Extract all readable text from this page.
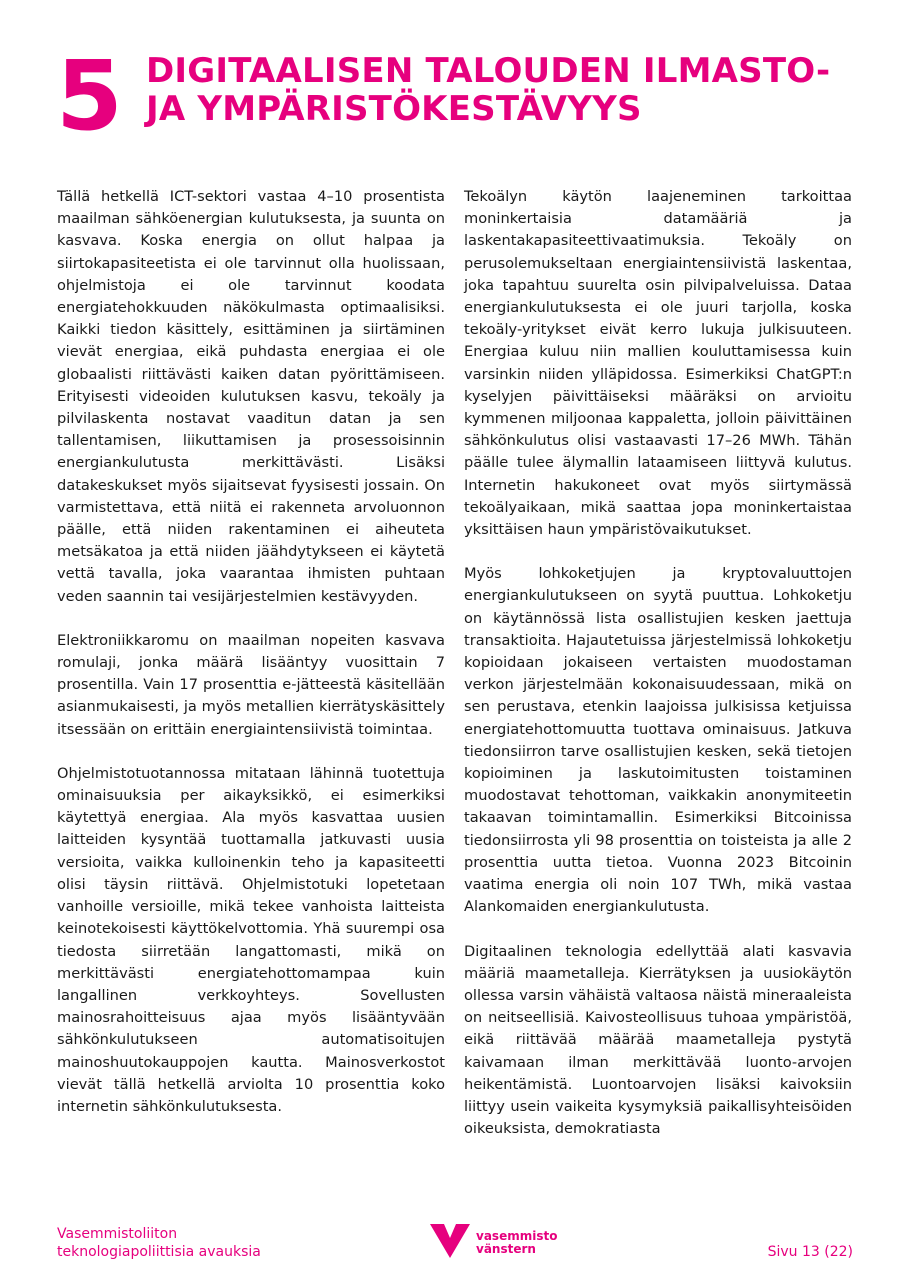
5 DIGITAALISEN TALOUDEN ILMASTO-
JA YMPÄRISTÖKESTÄVYYS

Tällä hetkellä ICT-sektori vastaa 4–10 prosentista maailman sähköenergian kulutuksesta, ja suunta on kasvava. Koska energia on ollut halpaa ja siirtokapasiteetista ei ole tarvinnut olla huolissaan, ohjelmistoja ei ole tarvinnut koodata energiatehokkuuden näkökulmasta optimaalisiksi. Kaikki tiedon käsittely, esittäminen ja siirtäminen vievät energiaa, eikä puhdasta energiaa ei ole globaalisti riittävästi kaiken datan pyörittämiseen. Erityisesti videoiden kulutuksen kasvu, tekoäly ja pilvilaskenta nostavat vaaditun datan ja sen tallentamisen, liikuttamisen ja prosessoisinnin energiankulutusta merkittävästi. Lisäksi datakeskukset myös sijaitsevat fyysisesti jossain. On varmistettava, että niitä ei rakenneta arvoluonnon päälle, että niiden rakentaminen ei aiheuteta metsäkatoa ja että niiden jäähdytykseen ei käytetä vettä tavalla, joka vaarantaa ihmisten puhtaan veden saannin tai vesijärjestelmien kestävyyden.

Elektroniikkaromu on maailman nopeiten kasvava romulaji, jonka määrä lisääntyy vuosittain 7 prosentilla. Vain 17 prosenttia e-jätteestä käsitellään asianmukaisesti, ja myös metallien kierrätyskäsittely itsessään on erittäin energiaintensiivistä toimintaa.

Ohjelmistotuotannossa mitataan lähinnä tuotettuja ominaisuuksia per aikayksikkö, ei esimerkiksi käytettyä energiaa. Ala myös kasvattaa uusien laitteiden kysyntää tuottamalla jatkuvasti uusia versioita, vaikka kulloinenkin teho ja kapasiteetti olisi täysin riittävä. Ohjelmistotuki lopetetaan vanhoille versioille, mikä tekee vanhoista laitteista keinotekoisesti käyttökelvottomia. Yhä suurempi osa tiedosta siirretään langattomasti, mikä on merkittävästi energiatehottomampaa kuin langallinen verkkoyhteys. Sovellusten mainosrahoitteisuus ajaa myös lisääntyvään sähkönkulutukseen automatisoitujen mainoshuutokauppojen kautta. Mainosverkostot vievät tällä hetkellä arviolta 10 prosenttia koko internetin sähkönkulutuksesta.

Tekoälyn käytön laajeneminen tarkoittaa moninkertaisia datamääriä ja laskentakapasiteettivaatimuksia. Tekoäly on perusolemukseltaan energiaintensiivistä laskentaa, joka tapahtuu suurelta osin pilvipalveluissa. Dataa energiankulutuksesta ei ole juuri tarjolla, koska tekoäly-yritykset eivät kerro lukuja julkisuuteen. Energiaa kuluu niin mallien kouluttamisessa kuin varsinkin niiden ylläpidossa. Esimerkiksi ChatGPT:n kyselyjen päivittäiseksi määräksi on arvioitu kymmenen miljoonaa kappaletta, jolloin päivittäinen sähkönkulutus olisi vastaavasti 17–26 MWh. Tähän päälle tulee älymallin lataamiseen liittyvä kulutus. Internetin hakukoneet ovat myös siirtymässä tekoälyaikaan, mikä saattaa jopa moninkertaistaa yksittäisen haun ympäristövaikutukset.

Myös lohkoketjujen ja kryptovaluuttojen energiankulutukseen on syytä puuttua. Lohkoketju on käytännössä lista osallistujien kesken jaettuja transaktioita. Hajautetuissa järjestelmissä lohkoketju kopioidaan jokaiseen vertaisten muodostaman verkon järjestelmään kokonaisuudessaan, mikä on sen perustava, etenkin laajoissa julkisissa ketjuissa energiatehottomuutta tuottava ominaisuus. Jatkuva tiedonsiirron tarve osallistujien kesken, sekä tietojen kopioiminen ja laskutoimitusten toistaminen muodostavat tehottoman, vaikkakin anonymiteetin takaavan toimintamallin. Esimerkiksi Bitcoinissa tiedonsiirrosta yli 98 prosenttia on toisteista ja alle 2 prosenttia uutta tietoa. Vuonna 2023 Bitcoinin vaatima energia oli noin 107 TWh, mikä vastaa Alankomaiden energiankulutusta.

Digitaalinen teknologia edellyttää alati kasvavia määriä maametalleja. Kierrätyksen ja uusiokäytön ollessa varsin vähäistä valtaosa näistä mineraaleista on neitseellisiä. Kaivosteollisuus tuhoaa ympäristöä, eikä riittävää määrää maametalleja pystytä kaivamaan ilman merkittävää luonto-arvojen heikentämistä. Luontoarvojen lisäksi kaivoksiin liittyy usein vaikeita kysymyksiä paikallisyhteisöiden oikeuksista, demokratiasta

Vasemmistoliiton
teknologiapoliittisia avauksia
vasemmisto
vänstern	Sivu 13 (22)
